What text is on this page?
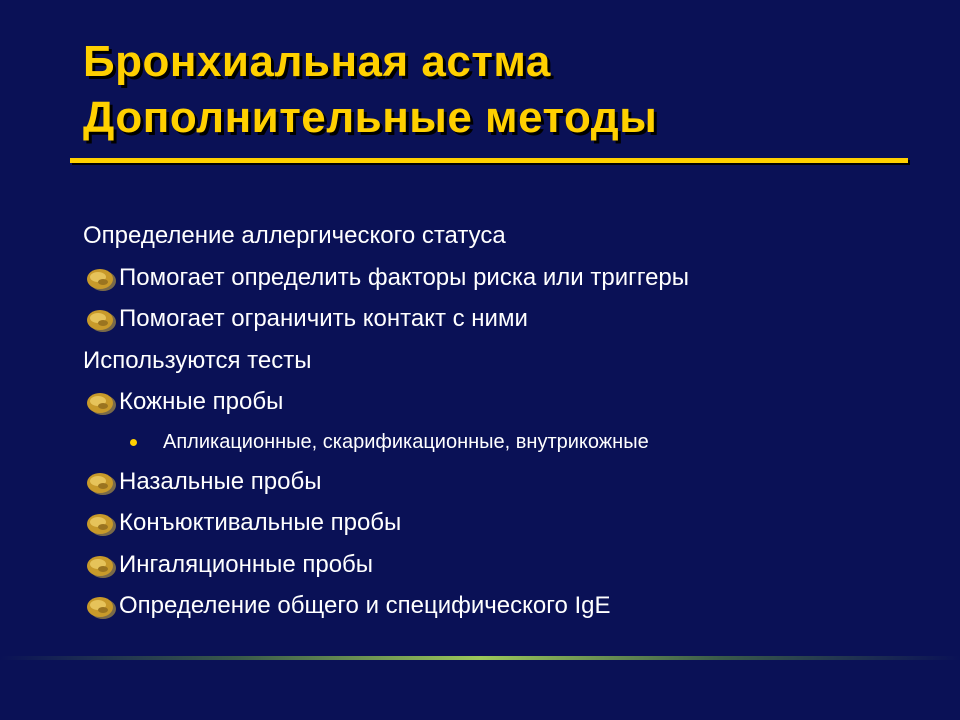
Бронхиальная астма
Дополнительные методы
Определение аллергического статуса
Помогает определить факторы риска или триггеры
Помогает ограничить контакт с ними
Используются тесты
Кожные пробы
Апликационные, скарификационные, внутрикожные
Назальные пробы
Конъюктивальные пробы
Ингаляционные пробы
Определение общего и специфического IgE
